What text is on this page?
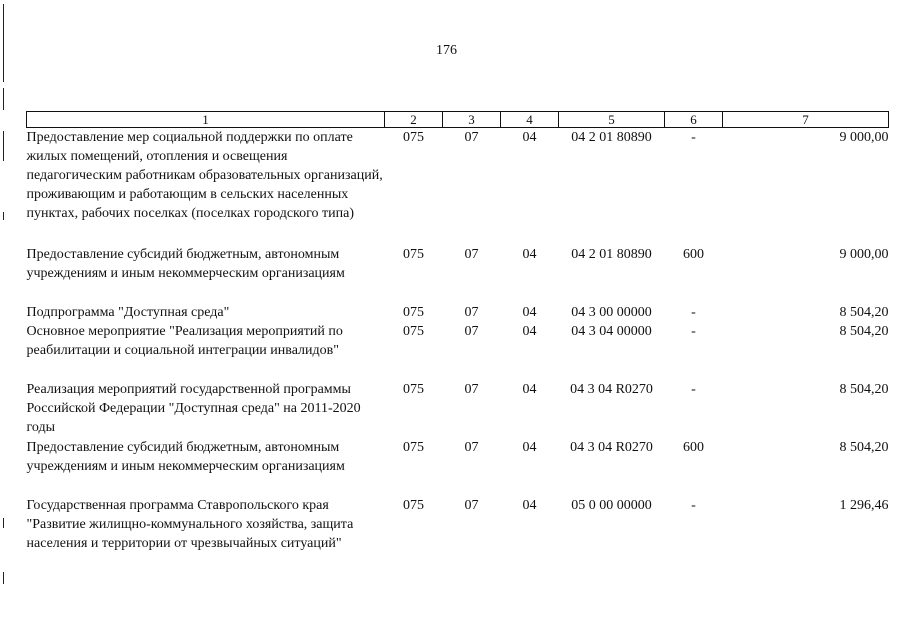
176
1	2	3	4	5	6	7
Предоставление мер социальной поддержки по оплате жилых помещений, отопления и освещения педагогическим работникам образовательных организаций, проживающим и работающим в сельских населенных пунктах, рабочих поселках (поселках городского типа)	075	07	04	04 2 01 80890	-	9 000,00
Предоставление субсидий бюджетным, автономным учреждениям и иным некоммерческим организациям	075	07	04	04 2 01 80890	600	9 000,00
Подпрограмма "Доступная среда"	075	07	04	04 3 00 00000	-	8 504,20
Основное мероприятие "Реализация мероприятий по реабилитации и социальной интеграции инвалидов"	075	07	04	04 3 04 00000	-	8 504,20
Реализация мероприятий государственной программы Российской Федерации "Доступная среда" на 2011-2020 годы	075	07	04	04 3 04 R0270	-	8 504,20
Предоставление субсидий бюджетным, автономным учреждениям и иным некоммерческим организациям	075	07	04	04 3 04 R0270	600	8 504,20
Государственная программа Ставропольского края "Развитие жилищно-коммунального хозяйства, защита населения и территории от чрезвычайных ситуаций"	075	07	04	05 0 00 00000	-	1 296,46
